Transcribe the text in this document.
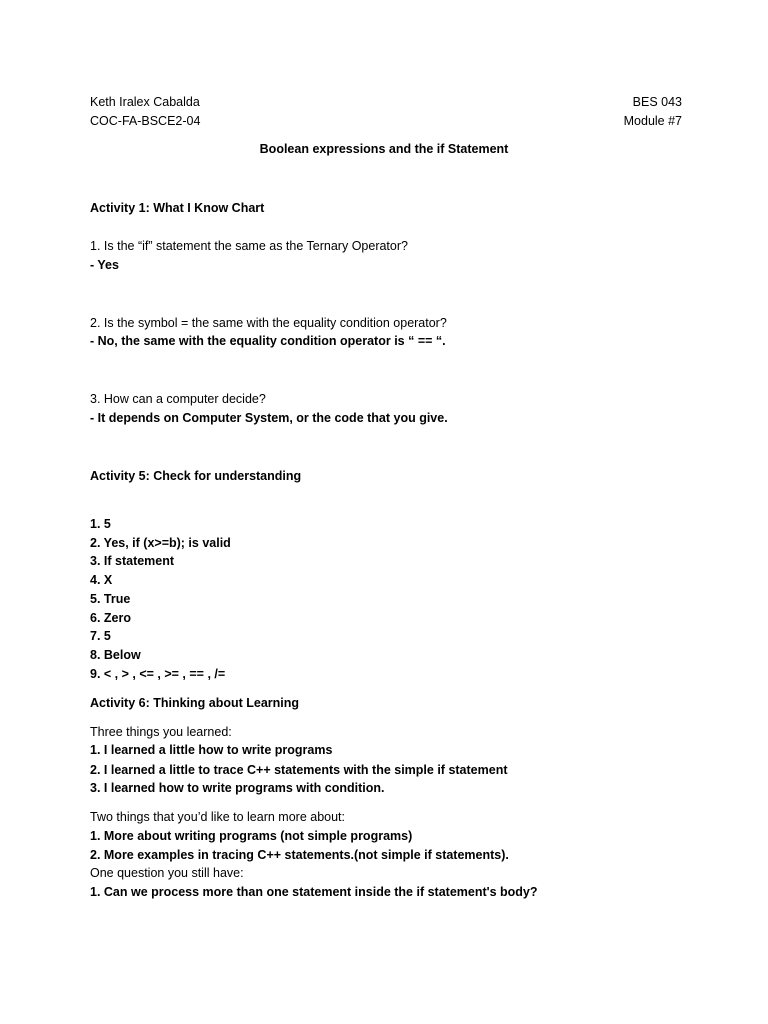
Keth Iralex Cabalda
COC-FA-BSCE2-04
BES 043
Module #7
Boolean expressions and the if Statement
Activity 1: What I Know Chart
1. Is the “if” statement the same as the Ternary Operator?
- Yes
2. Is the symbol = the same with the equality condition operator?
- No, the same with the equality condition operator is “ == “.
3. How can a computer decide?
- It depends on Computer System, or the code that you give.
Activity 5: Check for understanding
1. 5
2. Yes, if (x>=b); is valid
3. If statement
4. X
5. True
6. Zero
7. 5
8. Below
9. < , > , <= , >= , == , /=
Activity 6: Thinking about Learning
Three things you learned:
1. I learned a little how to write programs
2. I learned a little to trace C++ statements with the simple if statement
3. I learned how to write programs with condition.
Two things that you’d like to learn more about:
1. More about writing programs (not simple programs)
2. More examples in tracing C++ statements.(not simple if statements).
One question you still have:
1. Can we process more than one statement inside the if statement's body?
